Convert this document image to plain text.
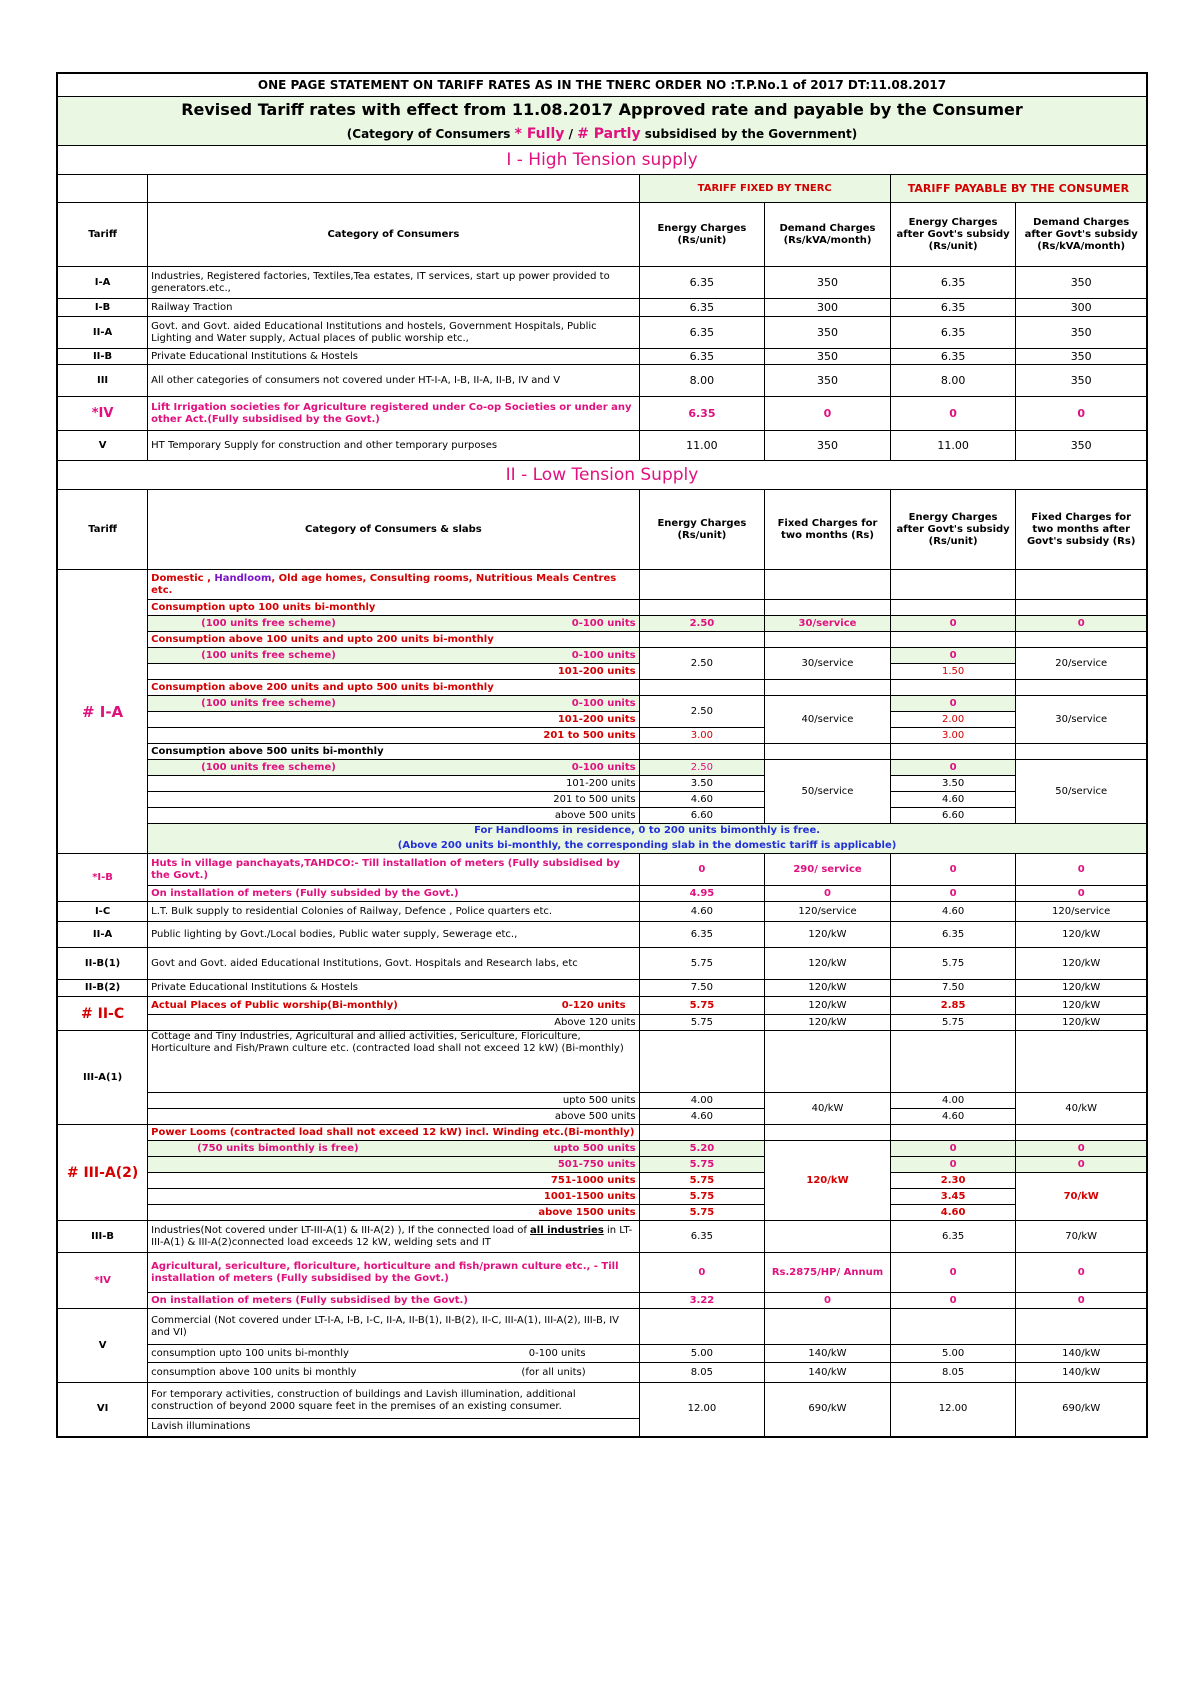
ONE PAGE STATEMENT ON TARIFF RATES AS IN THE TNERC ORDER NO :T.P.No.1 of 2017 DT:11.08.2017					
Revised Tariff rates with effect from 11.08.2017 Approved rate and payable by the Consumer					
(Category of Consumers * Fully / # Partly subsidised by the Government)					
I - High Tension supply					
		TARIFF FIXED BY TNERC		TARIFF PAYABLE BY THE CONSUMER	
Tariff	Category of Consumers	Energy Charges (Rs/unit)	Demand Charges (Rs/kVA/month)	Energy Charges after Govt's subsidy (Rs/unit)	Demand Charges after Govt's subsidy (Rs/kVA/month)
I-A	Industries, Registered factories, Textiles,Tea estates, IT services, start up power provided to generators.etc.,	6.35	350	6.35	350
I-B	Railway Traction	6.35	300	6.35	300
II-A	Govt. and Govt. aided Educational Institutions and hostels, Government Hospitals, Public Lighting and Water supply, Actual places of public worship etc.,	6.35	350	6.35	350
II-B	Private Educational Institutions & Hostels	6.35	350	6.35	350
III	All other categories of consumers not covered under HT-I-A, I-B, II-A, II-B, IV and V	8.00	350	8.00	350
*IV	Lift Irrigation societies for Agriculture registered under Co-op Societies or under any other Act.(Fully subsidised by the Govt.)	6.35	0	0	0
V	HT Temporary Supply for construction and other temporary purposes	11.00	350	11.00	350
II - Low Tension Supply					
Tariff	Category of Consumers & slabs	Energy Charges (Rs/unit)	Fixed Charges for two months (Rs)	Energy Charges after Govt's subsidy (Rs/unit)	Fixed Charges for two months after Govt's subsidy (Rs)
# I-A	Domestic , Handloom, Old age homes, Consulting rooms, Nutritious Meals Centres etc.				
	Consumption upto 100 units bi-monthly				
	(100 units free scheme) 0-100 units	2.50	30/service	0	0
	Consumption above 100 units and upto 200 units bi-monthly				
	(100 units free scheme) 0-100 units	2.50	30/service	0	20/service
	101-200 units			1.50	
	Consumption above 200 units and upto 500 units bi-monthly				
	(100 units free scheme) 0-100 units	2.50	40/service	0	30/service
	101-200 units			2.00	
	201 to 500 units	3.00		3.00	
	Consumption above 500 units bi-monthly				
	(100 units free scheme) 0-100 units	2.50	50/service	0	50/service
	101-200 units	3.50		3.50	
	201 to 500 units	4.60		4.60	
	above 500 units	6.60		6.60	
	For Handlooms in residence, 0 to 200 units bimonthly is free.				
	(Above 200 units bi-monthly, the corresponding slab in the domestic tariff is applicable)				
*I-B	Huts in village panchayats,TAHDCO:- Till installation of meters (Fully subsidised by the Govt.)	0	290/ service	0	0
	On installation of meters (Fully subsided by the Govt.)	4.95	0	0	0
I-C	L.T. Bulk supply to residential Colonies of Railway, Defence , Police quarters etc.	4.60	120/service	4.60	120/service
II-A	Public lighting by Govt./Local bodies, Public water supply, Sewerage etc.,	6.35	120/kW	6.35	120/kW
II-B(1)	Govt and Govt. aided Educational Institutions, Govt. Hospitals and Research labs, etc	5.75	120/kW	5.75	120/kW
II-B(2)	Private Educational Institutions & Hostels	7.50	120/kW	7.50	120/kW
# II-C	Actual Places of Public worship(Bi-monthly) 0-120 units	5.75	120/kW	2.85	120/kW
	Above 120 units	5.75	120/kW	5.75	120/kW
III-A(1)	Cottage and Tiny Industries, Agricultural and allied activities, Sericulture, Floriculture, Horticulture and Fish/Prawn culture etc. (contracted load shall not exceed 12 kW) (Bi-monthly)				
	upto 500 units	4.00	40/kW	4.00	40/kW
	above 500 units	4.60		4.60	
# III-A(2)	Power Looms (contracted load shall not exceed 12 kW) incl. Winding etc.(Bi-monthly)				
	(750 units bimonthly is free) upto 500 units	5.20	120/kW	0	0
	501-750 units	5.75		0	0
	751-1000 units	5.75		2.30	70/kW
	1001-1500 units	5.75		3.45	
	above 1500 units	5.75		4.60	
III-B	Industries(Not covered under LT-III-A(1) & III-A(2) ), If the connected load of all industries in LT-III-A(1) & III-A(2)connected load exceeds 12 kW, welding sets and IT	6.35		6.35	70/kW
*IV	Agricultural, sericulture, floriculture, horticulture and fish/prawn culture etc., - Till installation of meters (Fully subsidised by the Govt.)	0	Rs.2875/HP/ Annum	0	0
	On installation of meters (Fully subsidised by the Govt.)	3.22	0	0	0
V	Commercial (Not covered under LT-I-A, I-B, I-C, II-A, II-B(1), II-B(2), II-C, III-A(1), III-A(2), III-B, IV and VI)				
	consumption upto 100 units bi-monthly 0-100 units	5.00	140/kW	5.00	140/kW
	consumption above 100 units bi monthly (for all units)	8.05	140/kW	8.05	140/kW
VI	For temporary activities, construction of buildings and Lavish illumination, additional construction of beyond 2000 square feet in the premises of an existing consumer.	12.00	690/kW	12.00	690/kW
	Lavish illuminations				
